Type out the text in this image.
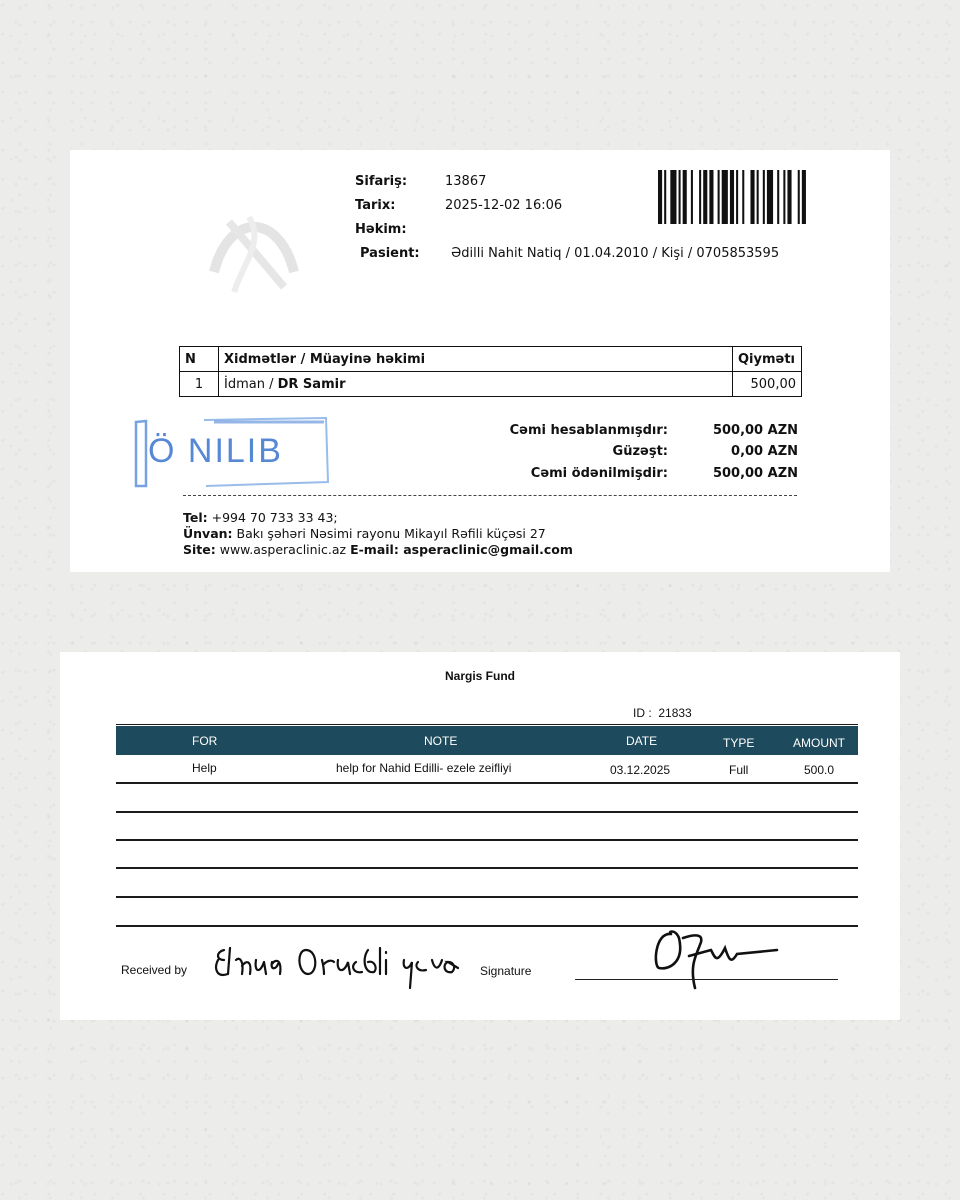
Sifariş:	13867
Tarix:	2025-12-02 16:06
Həkim:
Pasient: Ədilli Nahit Natiq / 01.04.2010 / Kişi / 0705853595
N	Xidmətlər / Müayinə həkimi	Qiymətı
1	İdman / DR Samir	500,00
Ö NILIB
Cəmi hesablanmışdır:	500,00 AZN
Güzəşt:	0,00 AZN
Cəmi ödənilmişdir:	500,00 AZN
Tel: +994 70 733 33 43;
Ünvan: Bakı şəhəri Nəsimi rayonu Mikayıl Rəfili küçəsi 27
Site: www.asperaclinic.az E-mail: asperaclinic@gmail.com
Nargis Fund
ID : 21833
FOR	NOTE	DATE	TYPE	AMOUNT
Help	help for Nahid Edilli- ezele zeifliyi	03.12.2025	Full	500.0
Received by	Signature
